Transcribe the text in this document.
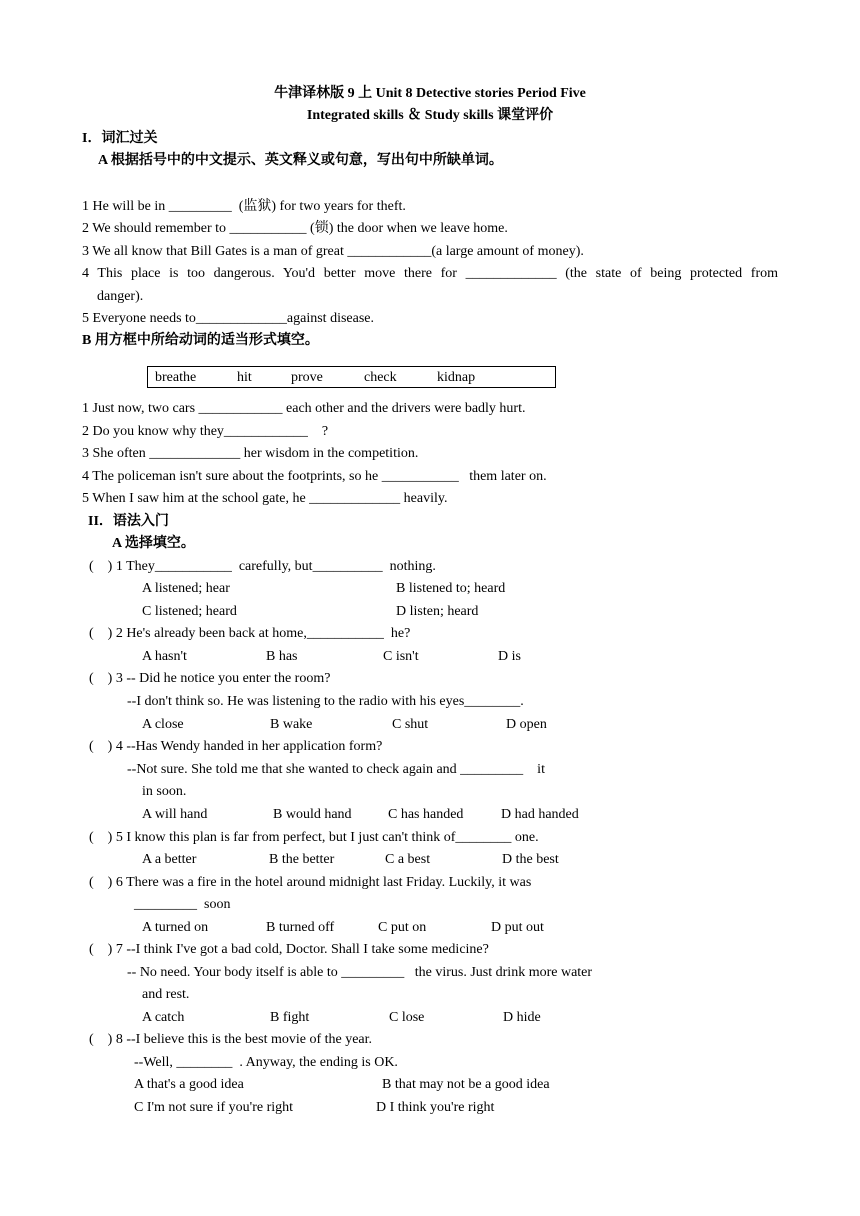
牛津译林版 9 上 Unit 8 Detective stories Period Five
Integrated skills ＆ Study skills 课堂评价
I．词汇过关
A 根据括号中的中文提示、英文释义或句意，写出句中所缺单词。
1 He will be in _________  (监狱) for two years for theft.
2 We should remember to ___________ (锁) the door when we leave home.
3 We all know that Bill Gates is a man of great ____________(a large amount of money).
4 This place is too dangerous. You'd better move there for _____________ (the state of being protected from
danger).
5 Everyone needs to_____________against disease.
B 用方框中所给动词的适当形式填空。
breathe	hit	prove	check	kidnap
1 Just now, two cars ____________ each other and the drivers were badly hurt.
2 Do you know why they____________    ?
3 She often _____________ her wisdom in the competition.
4 The policeman isn't sure about the footprints, so he ___________   them later on.
5 When I saw him at the school gate, he _____________ heavily.
II．语法入门
A 选择填空。
(    ) 1 They___________  carefully, but__________  nothing.
A listened; hear	B listened to; heard
C listened; heard	D listen; heard
(    ) 2 He's already been back at home,___________  he?
A hasn't	B has	C isn't	D is
(    ) 3 -- Did he notice you enter the room?
--I don't think so. He was listening to the radio with his eyes________.
A close	B wake	C shut	D open
(    ) 4 --Has Wendy handed in her application form?
--Not sure. She told me that she wanted to check again and _________    it
in soon.
A will hand	B would hand	C has handed	D had handed
(    ) 5 I know this plan is far from perfect, but I just can't think of________ one.
A a better	B the better	C a best	D the best
(    ) 6 There was a fire in the hotel around midnight last Friday. Luckily, it was
_________  soon
A turned on	B turned off	C put on	D put out
(    ) 7 --I think I've got a bad cold, Doctor. Shall I take some medicine?
-- No need. Your body itself is able to _________   the virus. Just drink more water
and rest.
A catch	B fight	C lose	D hide
(    ) 8 --I believe this is the best movie of the year.
--Well, ________  . Anyway, the ending is OK.
A that's a good idea	B that may not be a good idea
C I'm not sure if you're right	D I think you're right
